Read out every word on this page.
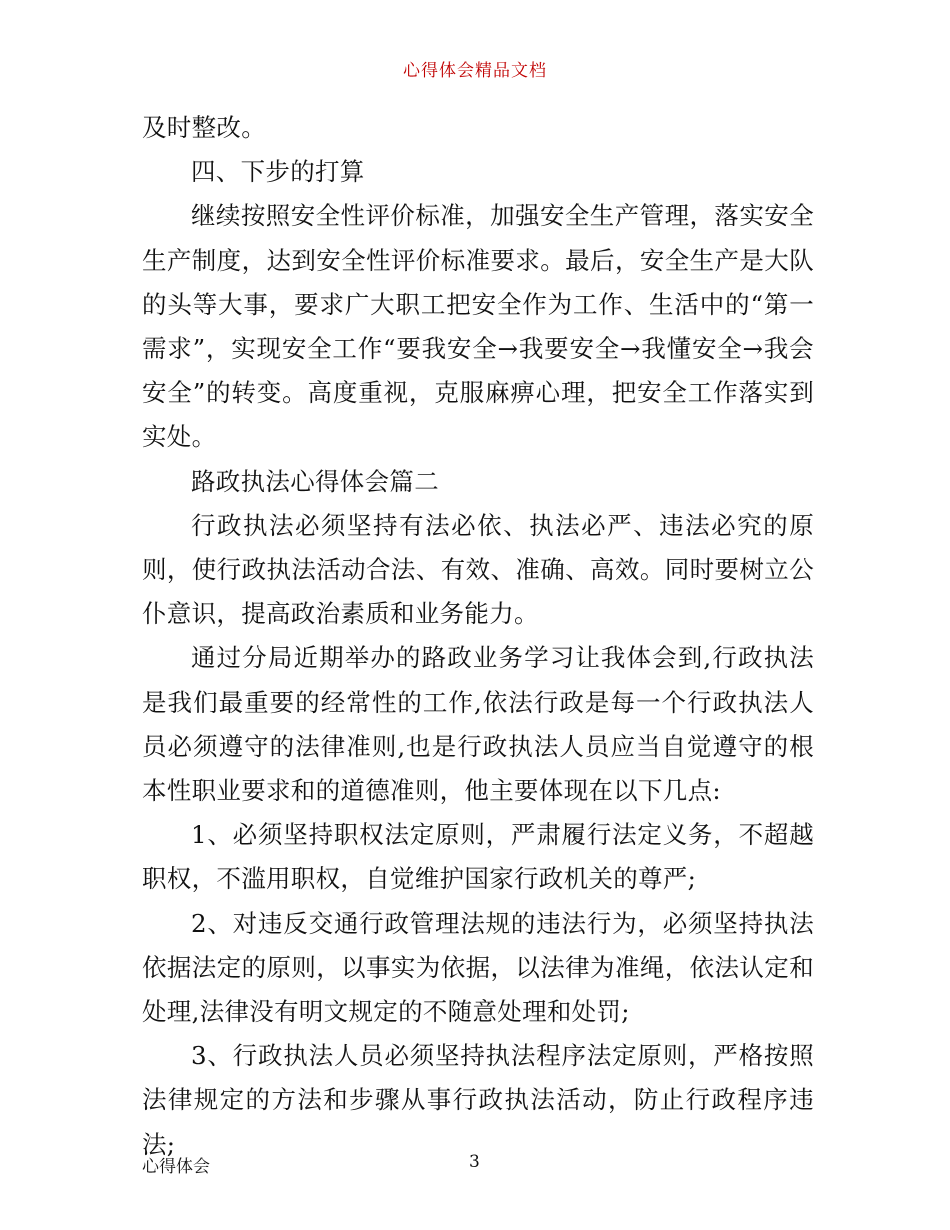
心得体会精品文档

及时整改。

四、下步的打算

继续按照安全性评价标准，加强安全生产管理，落实安全生产制度，达到安全性评价标准要求。最后，安全生产是大队的头等大事，要求广大职工把安全作为工作、生活中的“第一需求”，实现安全工作“要我安全→我要安全→我懂安全→我会安全”的转变。高度重视，克服麻痹心理，把安全工作落实到实处。

路政执法心得体会篇二

行政执法必须坚持有法必依、执法必严、违法必究的原则，使行政执法活动合法、有效、准确、高效。同时要树立公仆意识，提高政治素质和业务能力。

通过分局近期举办的路政业务学习让我体会到,行政执法是我们最重要的经常性的工作,依法行政是每一个行政执法人员必须遵守的法律准则,也是行政执法人员应当自觉遵守的根本性职业要求和的道德准则，他主要体现在以下几点:

1、必须坚持职权法定原则，严肃履行法定义务，不超越职权，不滥用职权，自觉维护国家行政机关的尊严;

2、对违反交通行政管理法规的违法行为，必须坚持执法依据法定的原则，以事实为依据，以法律为准绳，依法认定和处理,法律没有明文规定的不随意处理和处罚;

3、行政执法人员必须坚持执法程序法定原则，严格按照法律规定的方法和步骤从事行政执法活动，防止行政程序违法;

心得体会	3
